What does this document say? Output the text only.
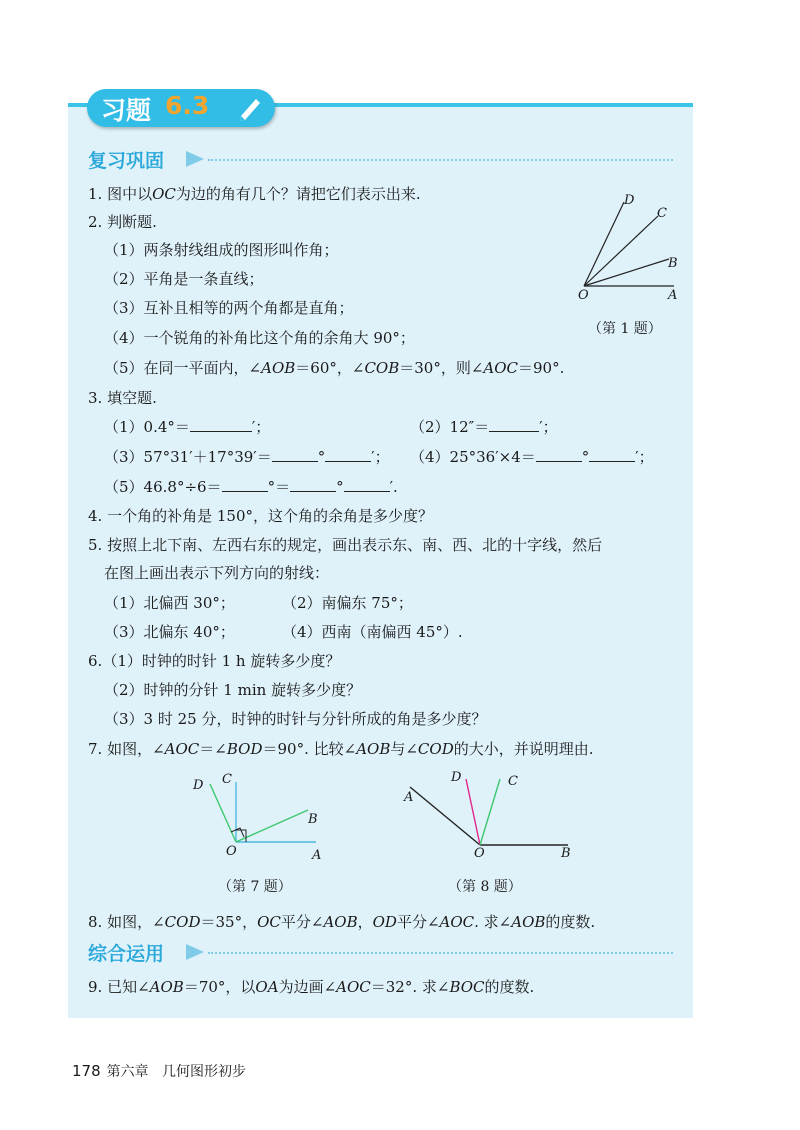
习题 6.3
复习巩固
1. 图中以OC为边的角有几个？请把它们表示出来.
2. 判断题.
（1）两条射线组成的图形叫作角；
（2）平角是一条直线；
（3）互补且相等的两个角都是直角；
（4）一个锐角的补角比这个角的余角大 90°；
（5）在同一平面内，∠AOB＝60°，∠COB＝30°，则∠AOC＝90°.
D
C
B
O	A
（第 1 题）
3. 填空题.
（1）0.4°＝	′；	（2）12″＝	′；
（3）57°31′＋17°39′＝	°	′； （4）25°36′×4＝	°	′；
（5）46.8°÷6＝	°＝	°	′.
4. 一个角的补角是 150°，这个角的余角是多少度？
5. 按照上北下南、左西右东的规定，画出表示东、南、西、北的十字线，然后
在图上画出表示下列方向的射线：
（1）北偏西 30°；	（2）南偏东 75°；
（3）北偏东 40°；	（4）西南（南偏西 45°）.
6.（1）时钟的时针 1 h 旋转多少度？
（2）时钟的分针 1 min 旋转多少度？
（3）3 时 25 分，时钟的时针与分针所成的角是多少度？
7. 如图，∠AOC＝∠BOD＝90°. 比较∠AOB与∠COD的大小，并说明理由.
D C
B
O	A
（第 7 题）
D	C
A
O	B
（第 8 题）
8. 如图，∠COD＝35°，OC平分∠AOB，OD平分∠AOC. 求∠AOB的度数.
综合运用
9. 已知∠AOB＝70°，以OA为边画∠AOC＝32°. 求∠BOC的度数.
178 第六章 几何图形初步
